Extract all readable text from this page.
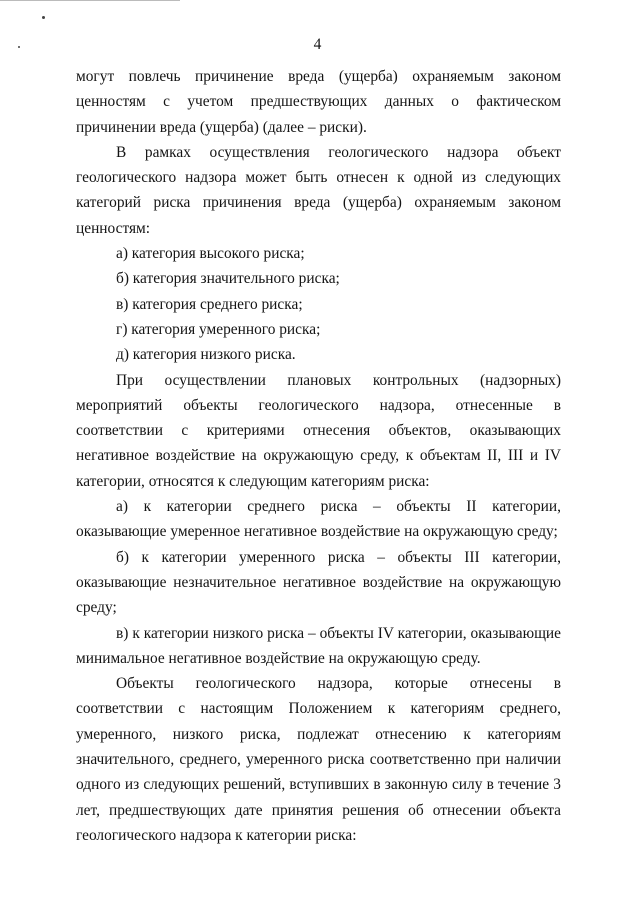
4

могут повлечь причинение вреда (ущерба) охраняемым законом ценностям с учетом предшествующих данных о фактическом причинении вреда (ущерба) (далее – риски).

В рамках осуществления геологического надзора объект геологического надзора может быть отнесен к одной из следующих категорий риска причинения вреда (ущерба) охраняемым законом ценностям:

а) категория высокого риска;

б) категория значительного риска;

в) категория среднего риска;

г) категория умеренного риска;

д) категория низкого риска.

При осуществлении плановых контрольных (надзорных) мероприятий объекты геологического надзора, отнесенные в соответствии с критериями отнесения объектов, оказывающих негативное воздействие на окружающую среду, к объектам II, III и IV категории, относятся к следующим категориям риска:

а) к категории среднего риска – объекты II категории, оказывающие умеренное негативное воздействие на окружающую среду;

б) к категории умеренного риска – объекты III категории, оказывающие незначительное негативное воздействие на окружающую среду;

в) к категории низкого риска – объекты IV категории, оказывающие минимальное негативное воздействие на окружающую среду.

Объекты геологического надзора, которые отнесены в соответствии с настоящим Положением к категориям среднего, умеренного, низкого риска, подлежат отнесению к категориям значительного, среднего, умеренного риска соответственно при наличии одного из следующих решений, вступивших в законную силу в течение 3 лет, предшествующих дате принятия решения об отнесении объекта геологического надзора к категории риска:
